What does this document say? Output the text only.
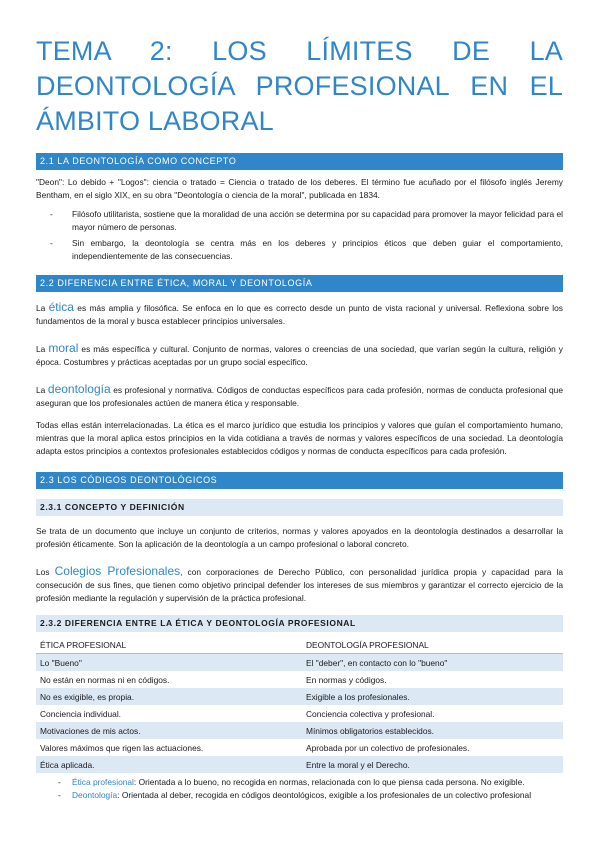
TEMA 2: LOS LÍMITES DE LA DEONTOLOGÍA PROFESIONAL EN EL ÁMBITO LABORAL
2.1 LA DEONTOLOGÍA COMO CONCEPTO

"Deon": Lo debido + "Logos": ciencia o tratado = Ciencia o tratado de los deberes. El término fue acuñado por el filósofo inglés Jeremy Bentham, en el siglo XIX, en su obra "Deontología o ciencia de la moral", publicada en 1834.

- Filósofo utilitarista, sostiene que la moralidad de una acción se determina por su capacidad para promover la mayor felicidad para el mayor número de personas.
- Sin embargo, la deontología se centra más en los deberes y principios éticos que deben guiar el comportamiento, independientemente de las consecuencias.
2.2 DIFERENCIA ENTRE ÉTICA, MORAL Y DEONTOLOGÍA

La ética es más amplia y filosófica. Se enfoca en lo que es correcto desde un punto de vista racional y universal. Reflexiona sobre los fundamentos de la moral y busca establecer principios universales.

La moral es más específica y cultural. Conjunto de normas, valores o creencias de una sociedad, que varían según la cultura, religión y época. Costumbres y prácticas aceptadas por un grupo social específico.

La deontología es profesional y normativa. Códigos de conductas específicos para cada profesión, normas de conducta profesional que aseguran que los profesionales actúen de manera ética y responsable.

Todas ellas están interrelacionadas. La ética es el marco jurídico que estudia los principios y valores que guían el comportamiento humano, mientras que la moral aplica estos principios en la vida cotidiana a través de normas y valores específicos de una sociedad. La deontología adapta estos principios a contextos profesionales establecidos códigos y normas de conducta específicos para cada profesión.

2.3 LOS CÓDIGOS DEONTOLÓGICOS
2.3.1 CONCEPTO Y DEFINICIÓN

Se trata de un documento que incluye un conjunto de criterios, normas y valores apoyados en la deontología destinados a desarrollar la profesión éticamente. Son la aplicación de la deontología a un campo profesional o laboral concreto.

Los Colegios Profesionales, con corporaciones de Derecho Público, con personalidad jurídica propia y capacidad para la consecución de sus fines, que tienen como objetivo principal defender los intereses de sus miembros y garantizar el correcto ejercicio de la profesión mediante la regulación y supervisión de la práctica profesional.

2.3.2 DIFERENCIA ENTRE LA ÉTICA Y DEONTOLOGÍA PROFESIONAL
ÉTICA PROFESIONAL	DEONTOLOGÍA PROFESIONAL
Lo "Bueno"	El "deber", en contacto con lo "bueno"
No están en normas ni en códigos.	En normas y códigos.
No es exigible, es propia.	Exigible a los profesionales.
Conciencia individual.	Conciencia colectiva y profesional.
Motivaciones de mis actos.	Mínimos obligatorios establecidos.
Valores máximos que rigen las actuaciones.	Aprobada por un colectivo de profesionales.
Ética aplicada.	Entre la moral y el Derecho.
- Ética profesional: Orientada a lo bueno, no recogida en normas, relacionada con lo que piensa cada persona. No exigible.
- Deontología: Orientada al deber, recogida en códigos deontológicos, exigible a los profesionales de un colectivo profesional
